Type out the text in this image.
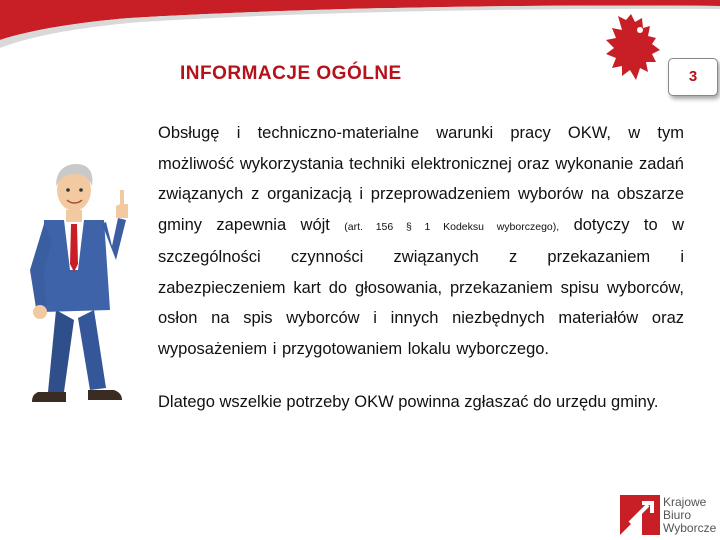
INFORMACJE OGÓLNE	3

Obsługę i techniczno-materialne warunki pracy OKW, w tym możliwość wykorzystania techniki elektronicznej oraz wykonanie zadań związanych z organizacją i przeprowadzeniem wyborów na obszarze gminy zapewnia wójt (art. 156 § 1 Kodeksu wyborczego), dotyczy to w szczególności czynności związanych z przekazaniem i zabezpieczeniem kart do głosowania, przekazaniem spisu wyborców, osłon na spis wyborców i innych niezbędnych materiałów oraz wyposażeniem i przygotowaniem lokalu wyborczego.

Dlatego wszelkie potrzeby OKW powinna zgłaszać do urzędu gminy.

Krajowe
Biuro
Wyborcze
